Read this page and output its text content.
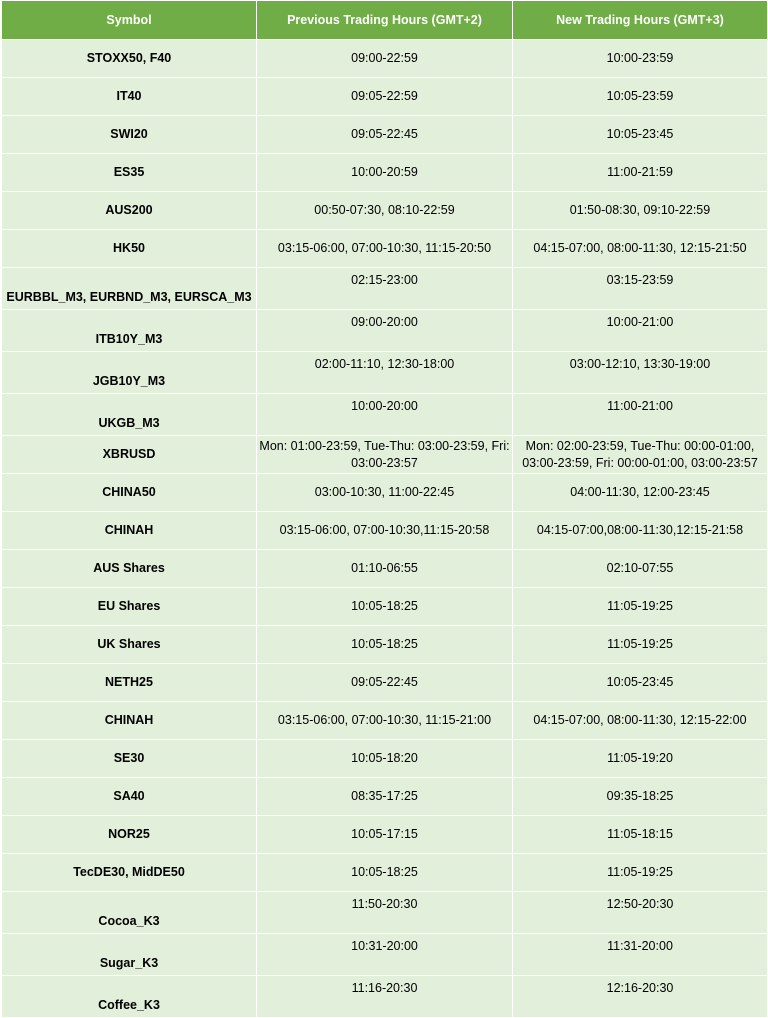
Symbol	Previous Trading Hours (GMT+2)	New Trading Hours (GMT+3)
STOXX50, F40	09:00-22:59	10:00-23:59
IT40	09:05-22:59	10:05-23:59
SWI20	09:05-22:45	10:05-23:45
ES35	10:00-20:59	11:00-21:59
AUS200	00:50-07:30, 08:10-22:59	01:50-08:30, 09:10-22:59
HK50	03:15-06:00, 07:00-10:30, 11:15-20:50	04:15-07:00, 08:00-11:30, 12:15-21:50
EURBBL_M3, EURBND_M3, EURSCA_M3	02:15-23:00	03:15-23:59
ITB10Y_M3	09:00-20:00	10:00-21:00
JGB10Y_M3	02:00-11:10, 12:30-18:00	03:00-12:10, 13:30-19:00
UKGB_M3	10:00-20:00	11:00-21:00
XBRUSD	Mon: 01:00-23:59, Tue-Thu: 03:00-23:59, Fri: 03:00-23:57	Mon: 02:00-23:59, Tue-Thu: 00:00-01:00, 03:00-23:59, Fri: 00:00-01:00, 03:00-23:57
CHINA50	03:00-10:30, 11:00-22:45	04:00-11:30, 12:00-23:45
CHINAH	03:15-06:00, 07:00-10:30,11:15-20:58	04:15-07:00,08:00-11:30,12:15-21:58
AUS Shares	01:10-06:55	02:10-07:55
EU Shares	10:05-18:25	11:05-19:25
UK Shares	10:05-18:25	11:05-19:25
NETH25	09:05-22:45	10:05-23:45
CHINAH	03:15-06:00, 07:00-10:30, 11:15-21:00	04:15-07:00, 08:00-11:30, 12:15-22:00
SE30	10:05-18:20	11:05-19:20
SA40	08:35-17:25	09:35-18:25
NOR25	10:05-17:15	11:05-18:15
TecDE30, MidDE50	10:05-18:25	11:05-19:25
Cocoa_K3	11:50-20:30	12:50-20:30
Sugar_K3	10:31-20:00	11:31-20:00
Coffee_K3	11:16-20:30	12:16-20:30
